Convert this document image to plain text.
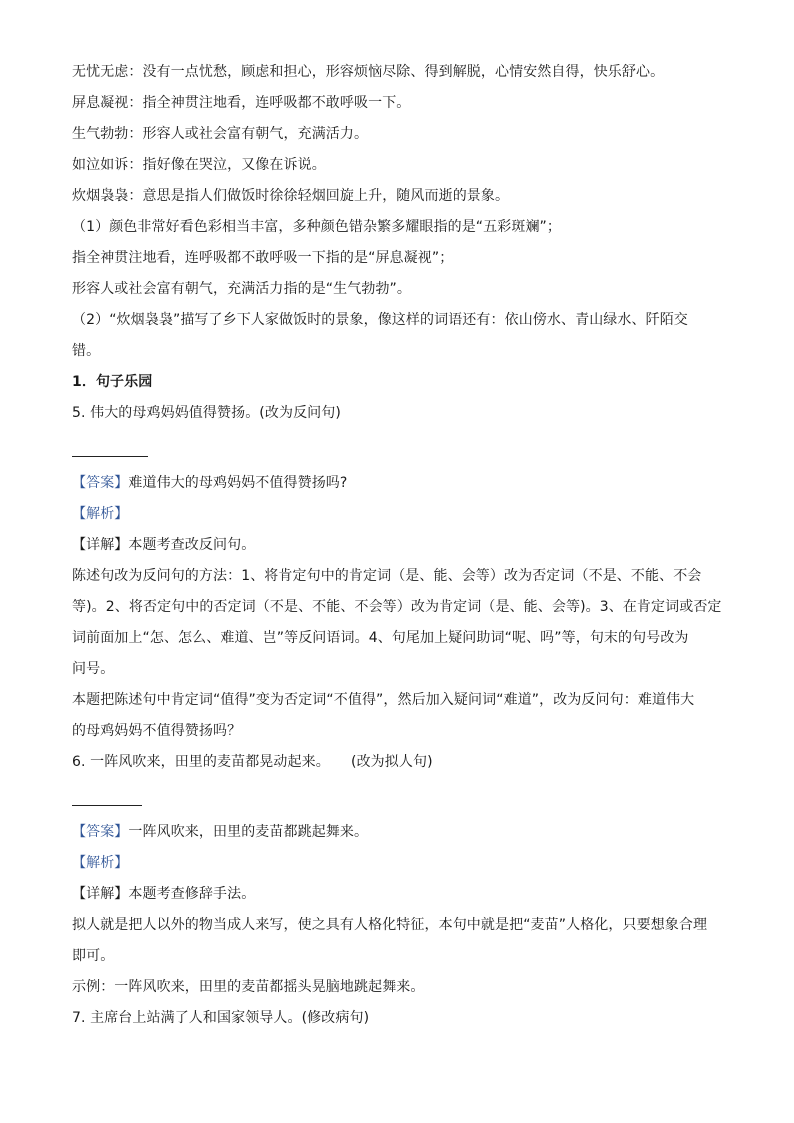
无忧无虑：没有一点忧愁，顾虑和担心，形容烦恼尽除、得到解脱，心情安然自得，快乐舒心。
屏息凝视：指全神贯注地看，连呼吸都不敢呼吸一下。
生气勃勃：形容人或社会富有朝气，充满活力。
如泣如诉：指好像在哭泣，又像在诉说。
炊烟袅袅：意思是指人们做饭时徐徐轻烟回旋上升，随风而逝的景象。
（1）颜色非常好看色彩相当丰富，多种颜色错杂繁多耀眼指的是“五彩斑斓”；
指全神贯注地看，连呼吸都不敢呼吸一下指的是“屏息凝视”；
形容人或社会富有朝气，充满活力指的是“生气勃勃”。
（2）“炊烟袅袅”描写了乡下人家做饭时的景象，像这样的词语还有：依山傍水、青山绿水、阡陌交
错。
1．句子乐园
5. 伟大的母鸡妈妈值得赞扬。(改为反问句)
【答案】难道伟大的母鸡妈妈不值得赞扬吗?
【解析】
【详解】本题考查改反问句。
陈述句改为反问句的方法：1、将肯定句中的肯定词（是、能、会等）改为否定词（不是、不能、不会
等)。2、将否定句中的否定词（不是、不能、不会等）改为肯定词（是、能、会等)。3、在肯定词或否定
词前面加上“怎、怎么、难道、岂”等反问语词。4、句尾加上疑问助词“呢、吗”等，句末的句号改为
问号。
本题把陈述句中肯定词“值得”变为否定词“不值得”，然后加入疑问词“难道”，改为反问句：难道伟大
的母鸡妈妈不值得赞扬吗？
6. 一阵风吹来，田里的麦苗都晃动起来。　　(改为拟人句)
【答案】一阵风吹来，田里的麦苗都跳起舞来。
【解析】
【详解】本题考查修辞手法。
拟人就是把人以外的物当成人来写，使之具有人格化特征，本句中就是把“麦苗”人格化，只要想象合理
即可。
示例：一阵风吹来，田里的麦苗都摇头晃脑地跳起舞来。
7. 主席台上站满了人和国家领导人。(修改病句)
